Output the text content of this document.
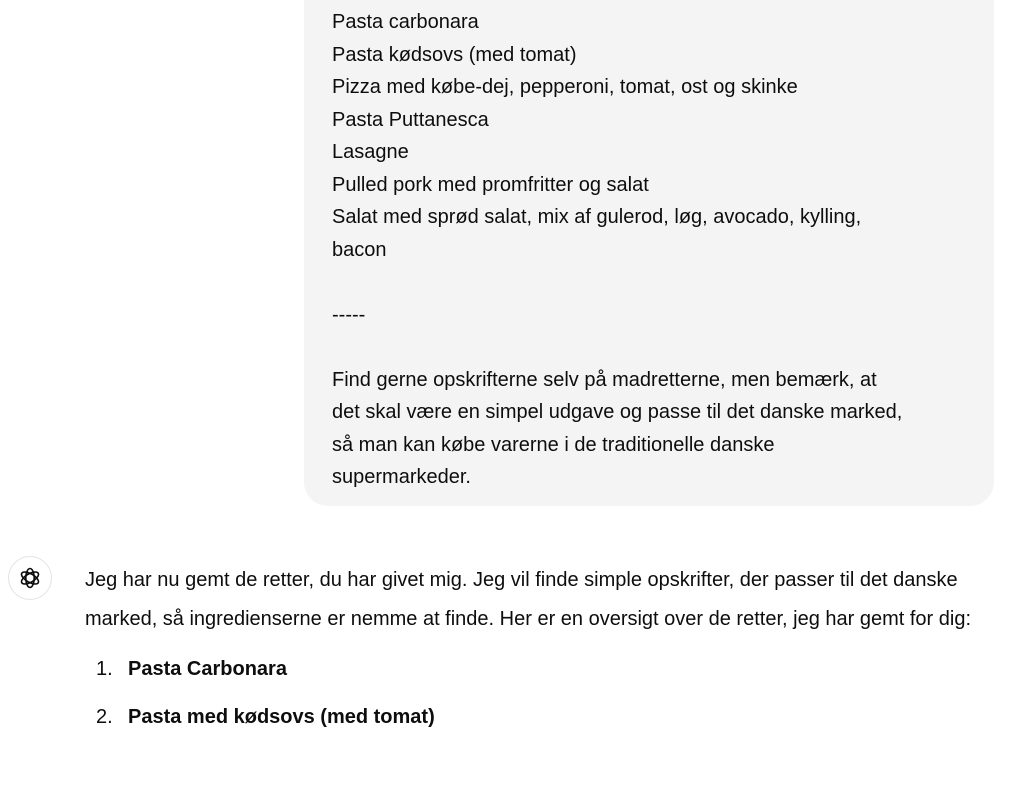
Pasta carbonara
Pasta kødsovs (med tomat)
Pizza med købe-dej, pepperoni, tomat, ost og skinke
Pasta Puttanesca
Lasagne
Pulled pork med promfritter og salat
Salat med sprød salat, mix af gulerod, løg, avocado, kylling,
bacon
-----
Find gerne opskrifterne selv på madretterne, men bemærk, at
det skal være en simpel udgave og passe til det danske marked,
så man kan købe varerne i de traditionelle danske
supermarkeder.

Jeg har nu gemt de retter, du har givet mig. Jeg vil finde simple opskrifter, der passer til det danske marked, så ingredienserne er nemme at finde. Her er en oversigt over de retter, jeg har gemt for dig:

1. Pasta Carbonara
2. Pasta med kødsovs (med tomat)
